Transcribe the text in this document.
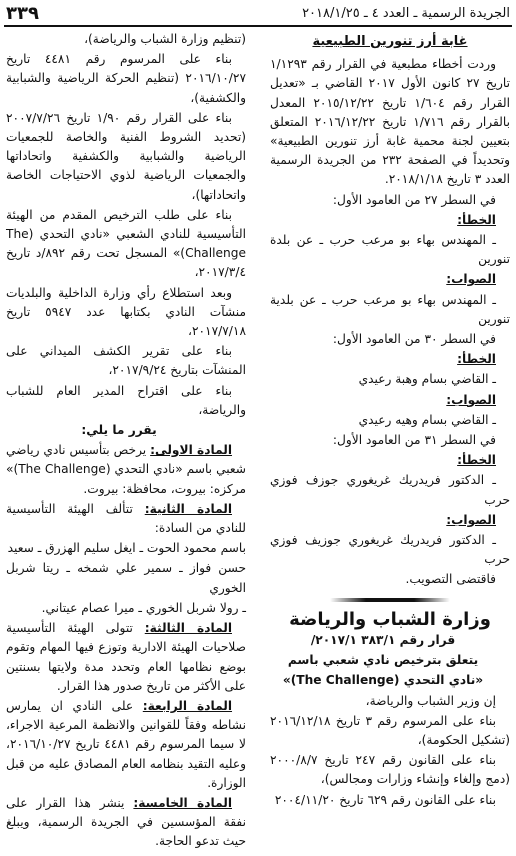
٣٣٩	الجريدة الرسمية ـ العدد ٤ ـ ٢٠١٨/١/٢٥
غابة أرز تنورين الطبيعية

وردت أخطاء مطبعية في القرار رقم ١/١٢٩٣ تاريخ ٢٧ كانون الأول ٢٠١٧ القاضي بـ «تعديل القرار رقم ١/٦٠٤ تاريخ ٢٠١٥/١٢/٢٢ المعدل بالقرار رقم ١/٧١٦ تاريخ ٢٠١٦/١٢/٢٢ المتعلق بتعيين لجنة محمية غابة أرز تنورين الطبيعية» وتحديداً في الصفحة ٢٣٢ من الجريدة الرسمية العدد ٣ تاريخ ٢٠١٨/١/١٨.

في السطر ٢٧ من العامود الأول:

الخطأ:

ـ المهندس بهاء بو مرعب حرب ـ عن بلدة تنورين

الصواب:

ـ المهندس بهاء بو مرعب حرب ـ عن بلدية تنورين

في السطر ٣٠ من العامود الأول:

الخطأ:

ـ القاضي بسام وهبة رعيدي

الصواب:

ـ القاضي بسام وهيه رعيدي

في السطر ٣١ من العامود الأول:

الخطأ:

ـ الدكتور فريدريك غريغوري جوزف فوزي حرب

الصواب:

ـ الدكتور فريدريك غريغوري جوزيف فوزي حرب

فاقتضى التصويب.

وزارة الشباب والرياضة

قرار رقم ٣٨٣/١ ٢٠١٧/١/

يتعلق بترخيص نادي شعبي باسم

«نادي التحدي (The Challenge)»

إن وزير الشباب والرياضة،

بناء على المرسوم رقم ٣ تاريخ ٢٠١٦/١٢/١٨ (تشكيل الحكومة)،

بناء على القانون رقم ٢٤٧ تاريخ ٢٠٠٠/٨/٧ (دمج وإلغاء وإنشاء وزارات ومجالس)،

بناء على القانون رقم ٦٢٩ تاريخ ٢٠٠٤/١١/٢٠

(تنظيم وزارة الشباب والرياضة)،

بناء على المرسوم رقم ٤٤٨١ تاريخ ٢٠١٦/١٠/٢٧ (تنظيم الحركة الرياضية والشبابية والكشفية)،

بناء على القرار رقم ١/٩٠ تاريخ ٢٠٠٧/٧/٢٦ (تحديد الشروط الفنية والخاصة للجمعيات الرياضية والشبابية والكشفية واتحاداتها والجمعيات الرياضية لذوي الاحتياجات الخاصة واتحاداتها)،

بناء على طلب الترخيص المقدم من الهيئة التأسيسية للنادي الشعبي «نادي التحدي (The Challenge)» المسجل تحت رقم ٨٩٢/د تاريخ ٢٠١٧/٣/٤،

وبعد استطلاع رأي وزارة الداخلية والبلديات منشآت النادي بكتابها عدد ٥٩٤٧ تاريخ ٢٠١٧/٧/١٨،

بناء على تقرير الكشف الميداني على المنشآت بتاريخ ٢٠١٧/٩/٢٤،

بناء على اقتراح المدير العام للشباب والرياضة،

يقرر ما يلي:

المادة الاولى: يرخص بتأسيس نادي رياضي شعبي باسم «نادي التحدي (The Challenge)» مركزه: بيروت، محافظة: بيروت.

المادة الثانية: تتألف الهيئة التأسيسية للنادي من السادة:

باسم محمود الحوت ـ ايغل سليم الهزرق ـ سعيد

حسن فواز ـ سمير علي شمخه ـ ريتا شربل الخوري

ـ رولا شربل الخوري ـ ميرا عصام عيتاني.

المادة الثالثة: تتولى الهيئة التأسيسية صلاحيات الهيئة الادارية وتوزع فيها المهام وتقوم بوضع نظامها العام وتحدد مدة ولايتها بسنتين على الأكثر من تاريخ صدور هذا القرار.

المادة الرابعة: على النادي ان يمارس نشاطه وفقاً للقوانين والانظمة المرعية الاجراء، لا سيما المرسوم رقم ٤٤٨١ تاريخ ٢٠١٦/١٠/٢٧، وعليه التقيد بنظامه العام المصادق عليه من قبل الوزارة.

المادة الخامسة: ينشر هذا القرار على نفقة المؤسسين في الجريدة الرسمية، ويبلغ حيث تدعو الحاجة.
